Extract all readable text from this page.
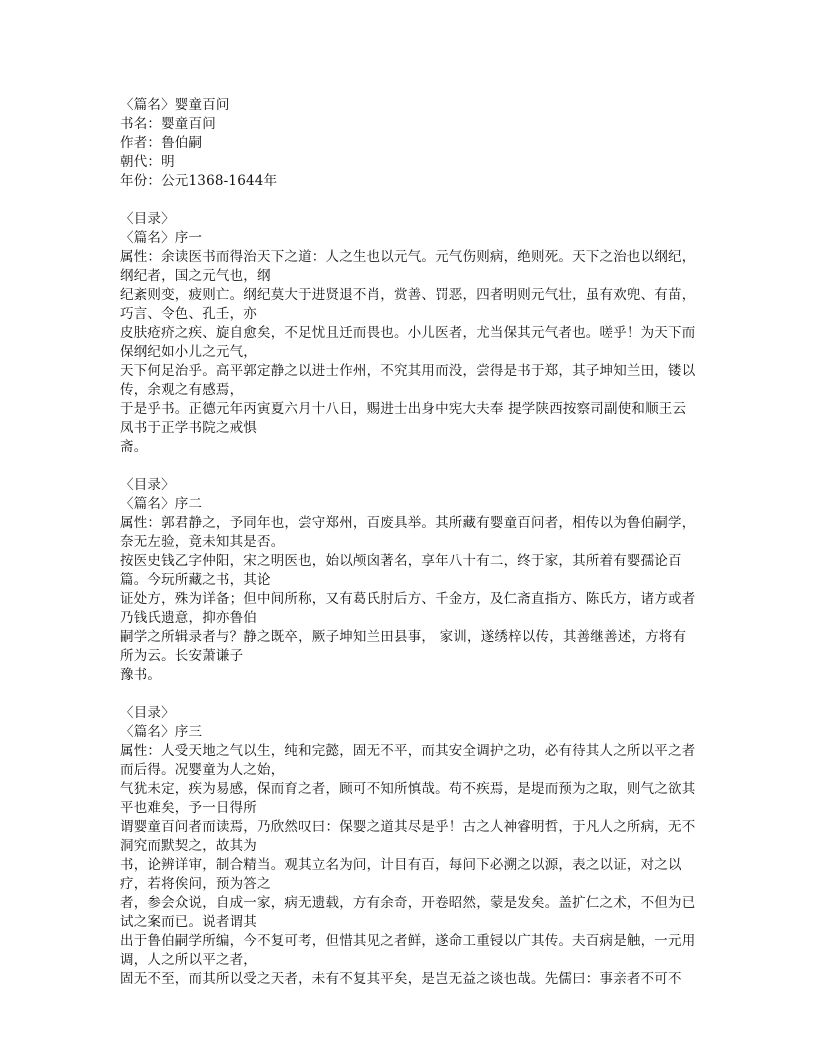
〈篇名〉婴童百问
书名：婴童百问
作者：鲁伯嗣
朝代：明
年份：公元1368-1644年
〈目录〉
〈篇名〉序一
属性：余读医书而得治天下之道：人之生也以元气。元气伤则病，绝则死。天下之治也以纲纪，纲纪者，国之元气也，纲
纪紊则变，疲则亡。纲纪莫大于进贤退不肖，赏善、罚恶，四者明则元气壮，虽有欢兜、有苗，巧言、令色、孔壬，亦
皮肤疮疥之疾、旋自愈矣，不足忧且迁而畏也。小儿医者，尤当保其元气者也。嗟乎！为天下而保纲纪如小儿之元气，
天下何足治乎。高平郭定静之以进士作州，不究其用而没，尝得是书于郑，其子坤知兰田，镂以传，余观之有感焉，
于是乎书。正德元年丙寅夏六月十八日，赐进士出身中宪大夫奉 提学陕西按察司副使和顺王云凤书于正学书院之戒惧
斋。
〈目录〉
〈篇名〉序二
属性：郭君静之，予同年也，尝守郑州，百废具举。其所藏有婴童百问者，相传以为鲁伯嗣学，奈无左验，竟未知其是否。
按医史钱乙字仲阳，宋之明医也，始以颅囟著名，享年八十有二，终于家，其所着有婴孺论百篇。今玩所藏之书，其论
证处方，殊为详备；但中间所称，又有葛氏肘后方、千金方，及仁斋直指方、陈氏方，诸方或者乃钱氏遗意，抑亦鲁伯
嗣学之所辑录者与？静之既卒，厥子坤知兰田县事， 家训，遂绣梓以传，其善继善述，方将有所为云。长安萧谦子
豫书。
〈目录〉
〈篇名〉序三
属性：人受天地之气以生，纯和完懿，固无不平，而其安全调护之功，必有待其人之所以平之者而后得。况婴童为人之始，
气犹未定，疾为易感，保而育之者，顾可不知所慎哉。苟不疾焉，是堤而预为之取，则气之欲其平也难矣，予一日得所
谓婴童百问者而读焉，乃欣然叹曰：保婴之道其尽是乎！古之人神睿明哲，于凡人之所病，无不洞究而默契之，故其为
书，论辨详审，制合精当。观其立名为问，计目有百，每问下必溯之以源，表之以证，对之以疗，若将俟问，预为答之
者，参会众说，自成一家，病无遗载，方有余奇，开卷昭然，蒙是发矣。盖扩仁之术，不但为已试之案而已。说者谓其
出于鲁伯嗣学所编，今不复可考，但惜其见之者鲜，遂命工重锓以广其传。夫百病是触，一元用调，人之所以平之者，
固无不至，而其所以受之天者，未有不复其平矣，是岂无益之谈也哉。先儒曰：事亲者不可不
